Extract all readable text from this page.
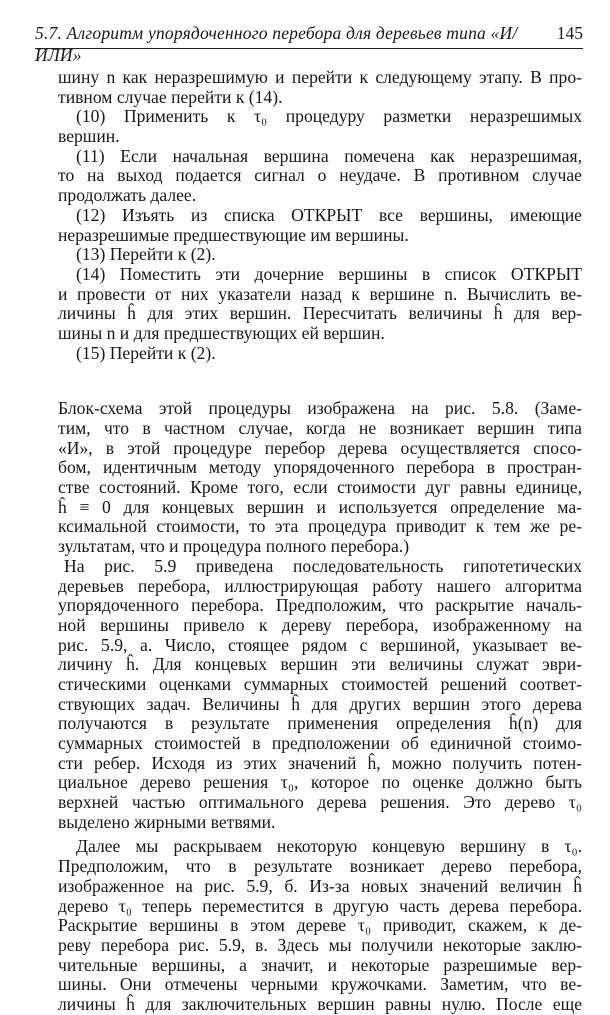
5.7. Алгоритм упорядоченного перебора для деревьев типа «И/ИЛИ»
145
шину n как неразрешимую и перейти к следующему этапу. В про-
тивном случае перейти к (14).
(10) Применить к τ₀ процедуру разметки неразрешимых
вершин.
(11) Если начальная вершина помечена как неразрешимая,
то на выход подается сигнал о неудаче. В противном случае
продолжать далее.
(12) Изъять из списка ОТКРЫТ все вершины, имеющие
неразрешимые предшествующие им вершины.
(13) Перейти к (2).
(14) Поместить эти дочерние вершины в список ОТКРЫТ
и провести от них указатели назад к вершине n. Вычислить ве-
личины ĥ для этих вершин. Пересчитать величины ĥ для вер-
шины n и для предшествующих ей вершин.
(15) Перейти к (2).
Блок-схема этой процедуры изображена на рис. 5.8. (Заме-
тим, что в частном случае, когда не возникает вершин типа
«И», в этой процедуре перебор дерева осуществляется спосо-
бом, идентичным методу упорядоченного перебора в простран-
стве состояний. Кроме того, если стоимости дуг равны единице,
ĥ ≡ 0 для концевых вершин и используется определение ма-
ксимальной стоимости, то эта процедура приводит к тем же ре-
зультатам, что и процедура полного перебора.)
На рис. 5.9 приведена последовательность гипотетических
деревьев перебора, иллюстрирующая работу нашего алгоритма
упорядоченного перебора. Предположим, что раскрытие началь-
ной вершины привело к дереву перебора, изображенному на
рис. 5.9, а. Число, стоящее рядом с вершиной, указывает ве-
личину ĥ. Для концевых вершин эти величины служат эври-
стическими оценками суммарных стоимостей решений соответ-
ствующих задач. Величины ĥ для других вершин этого дерева
получаются в результате применения определения ĥ(n) для
суммарных стоимостей в предположении об единичной стоимо-
сти ребер. Исходя из этих значений ĥ, можно получить потен-
циальное дерево решения τ₀, которое по оценке должно быть
верхней частью оптимального дерева решения. Это дерево τ₀
выделено жирными ветвями.
Далее мы раскрываем некоторую концевую вершину в τ₀.
Предположим, что в результате возникает дерево перебора,
изображенное на рис. 5.9, б. Из-за новых значений величин ĥ
дерево τ₀ теперь переместится в другую часть дерева перебора.
Раскрытие вершины в этом дереве τ₀ приводит, скажем, к де-
реву перебора рис. 5.9, в. Здесь мы получили некоторые заклю-
чительные вершины, а значит, и некоторые разрешимые вер-
шины. Они отмечены черными кружочками. Заметим, что ве-
личины ĥ для заключительных вершин равны нулю. После еще
